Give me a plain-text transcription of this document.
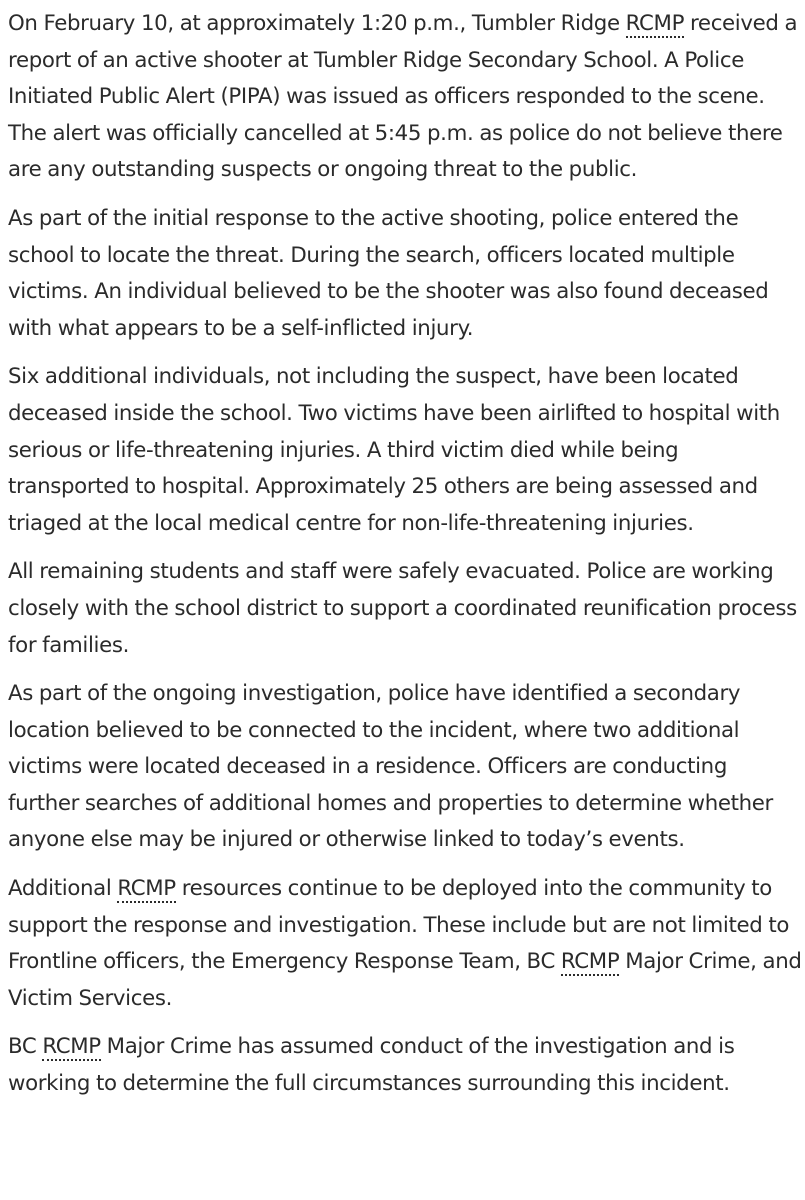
On February 10, at approximately 1:20 p.m., Tumbler Ridge RCMP received a report of an active shooter at Tumbler Ridge Secondary School. A Police Initiated Public Alert (PIPA) was issued as officers responded to the scene. The alert was officially cancelled at 5:45 p.m. as police do not believe there are any outstanding suspects or ongoing threat to the public.

As part of the initial response to the active shooting, police entered the school to locate the threat. During the search, officers located multiple victims. An individual believed to be the shooter was also found deceased with what appears to be a self-inflicted injury.

Six additional individuals, not including the suspect, have been located deceased inside the school. Two victims have been airlifted to hospital with serious or life-threatening injuries. A third victim died while being transported to hospital. Approximately 25 others are being assessed and triaged at the local medical centre for non-life-threatening injuries.

All remaining students and staff were safely evacuated. Police are working closely with the school district to support a coordinated reunification process for families.

As part of the ongoing investigation, police have identified a secondary location believed to be connected to the incident, where two additional victims were located deceased in a residence. Officers are conducting further searches of additional homes and properties to determine whether anyone else may be injured or otherwise linked to today’s events.

Additional RCMP resources continue to be deployed into the community to support the response and investigation. These include but are not limited to Frontline officers, the Emergency Response Team, BC RCMP Major Crime, and Victim Services.

BC RCMP Major Crime has assumed conduct of the investigation and is working to determine the full circumstances surrounding this incident.
